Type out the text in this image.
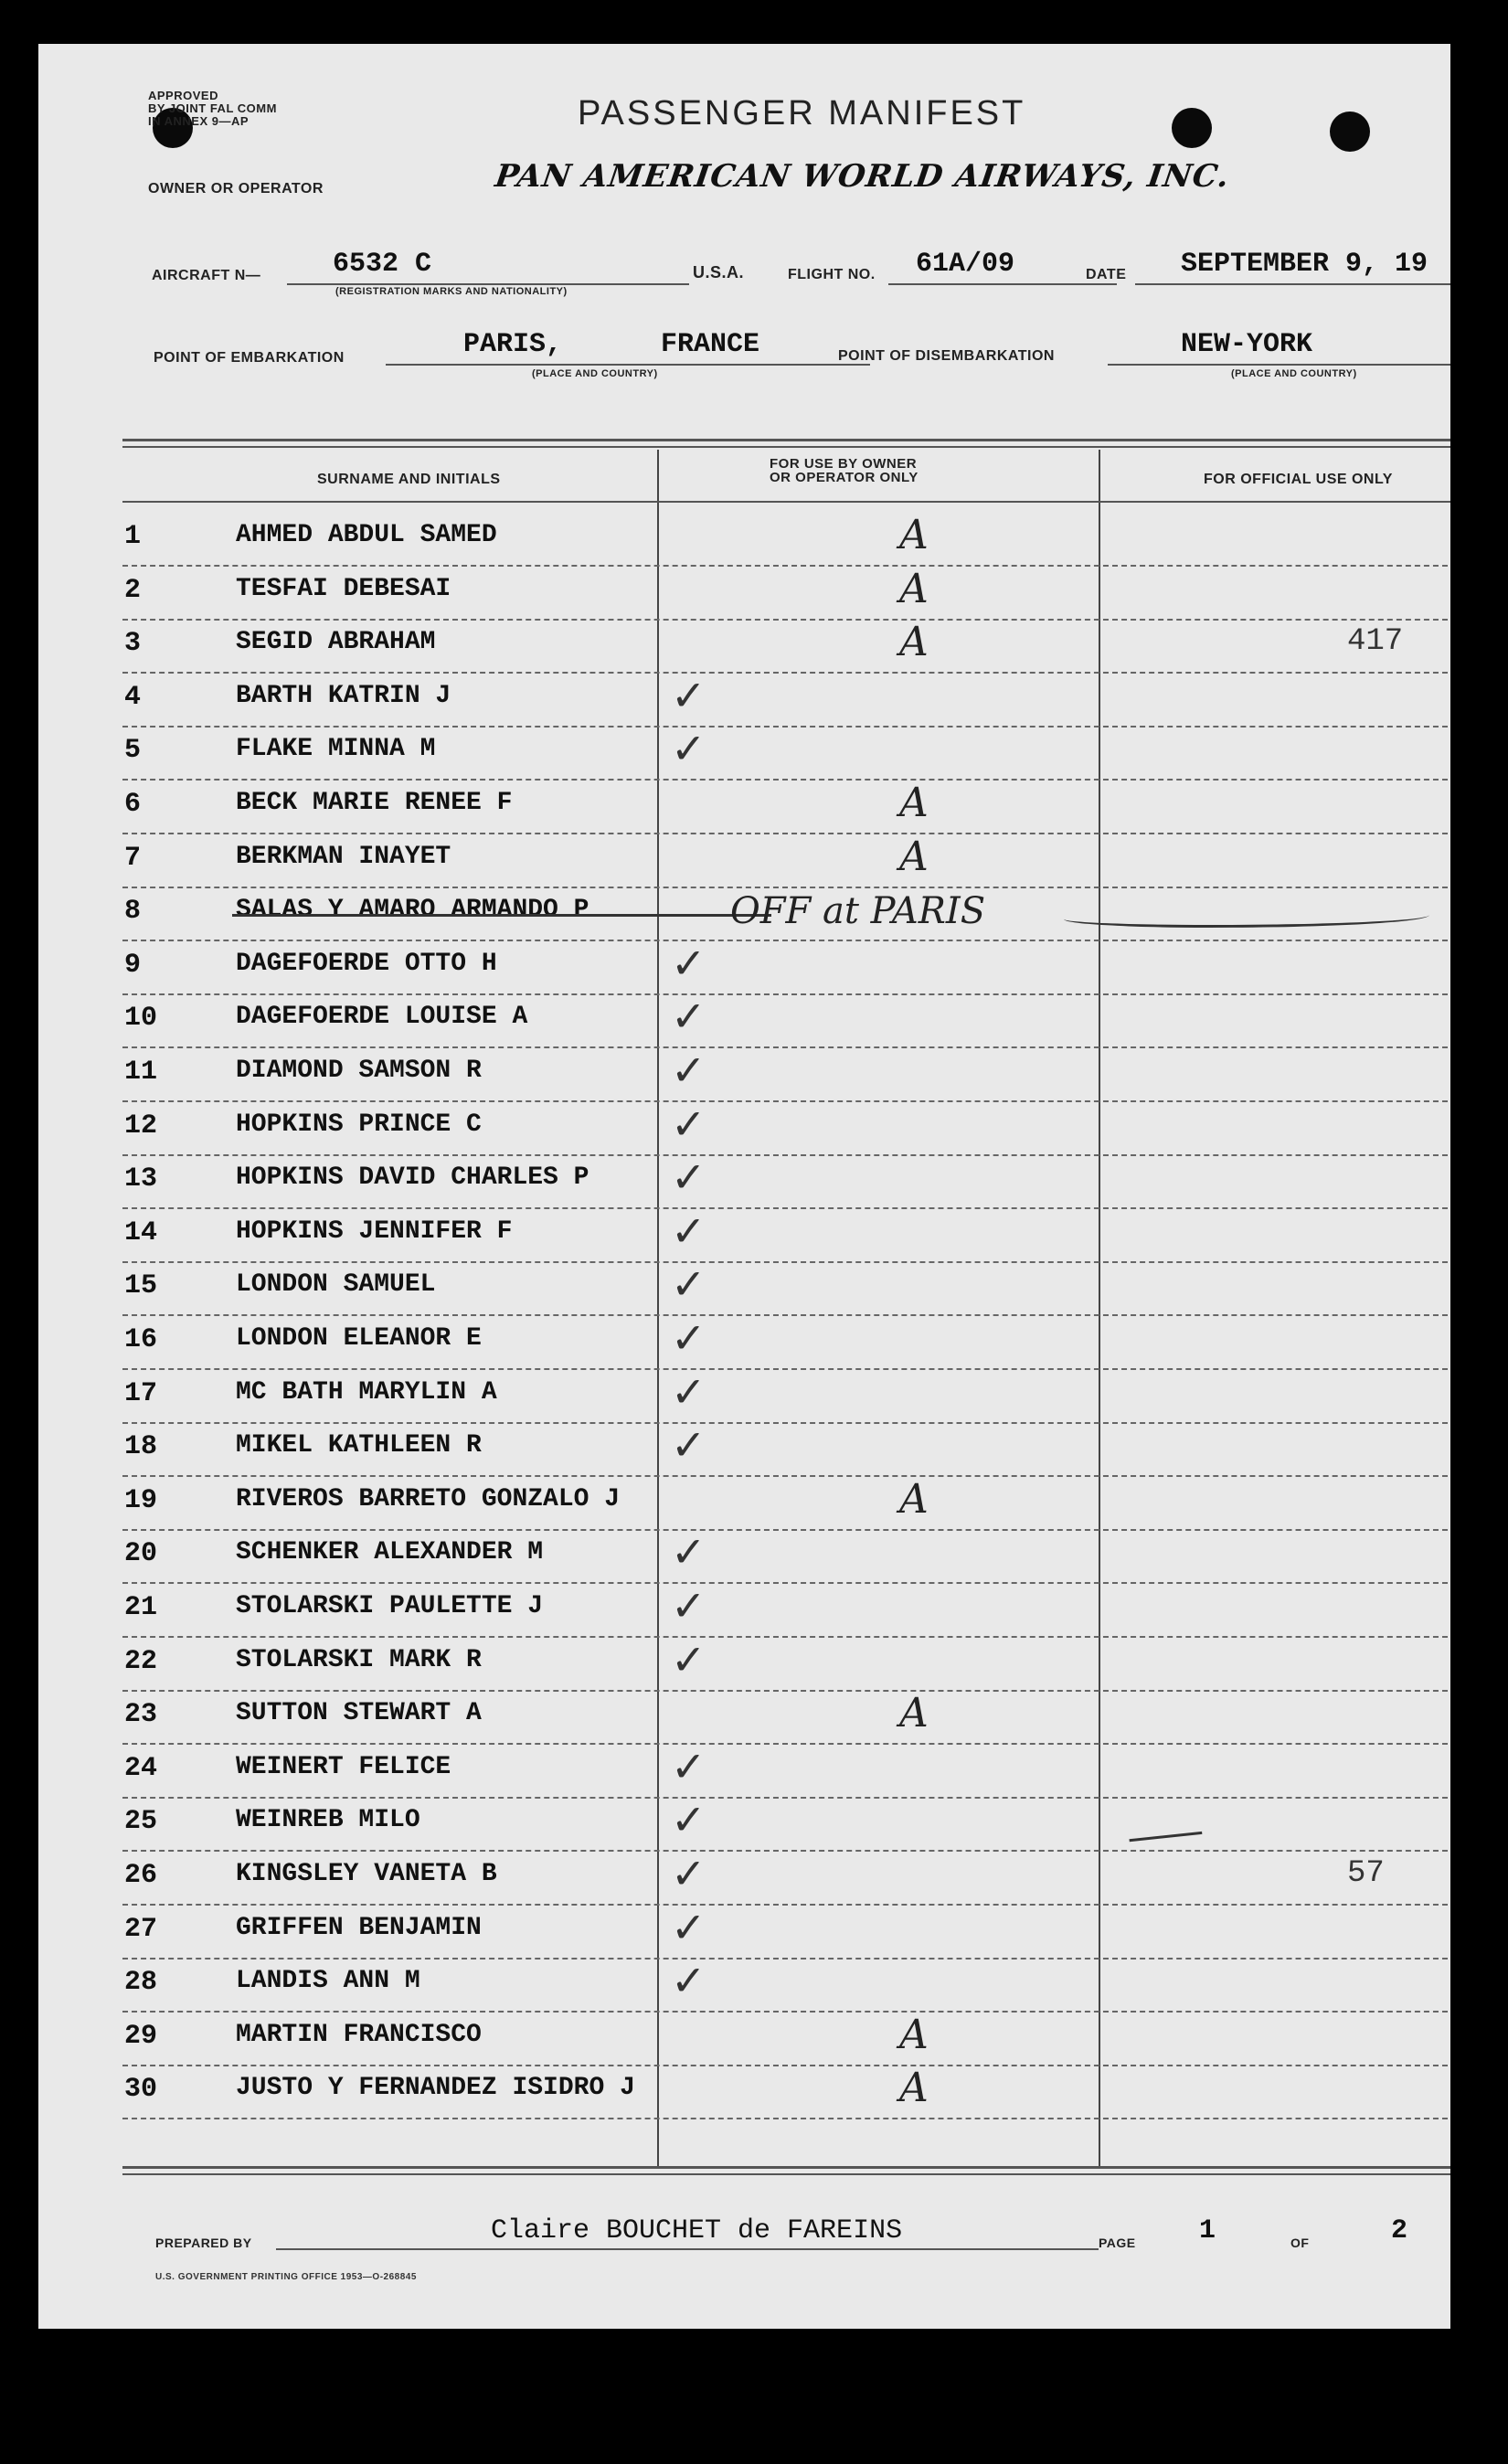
APPROVED
BY JOINT FAL COMM
IN ANNEX 9—AP	PASSENGER MANIFEST
OWNER OR OPERATOR	PAN AMERICAN WORLD AIRWAYS, INC.
AIRCRAFT N—	6532 C
(REGISTRATION MARKS AND NATIONALITY)
U.S.A.	FLIGHT NO. 61A/09	DATE SEPTEMBER 9, 19
POINT OF EMBARKATION	PARIS,      FRANCE
(PLACE AND COUNTRY)
POINT OF DISEMBARKATION	NEW-YORK
(PLACE AND COUNTRY)
SURNAME AND INITIALS
FOR USE BY OWNER
OR OPERATOR ONLY	FOR OFFICIAL USE ONLY
1	AHMED ABDUL SAMED	A
2	TESFAI DEBESAI	A
3	SEGID ABRAHAM	A	417
4	BARTH KATRIN J	✓
5	FLAKE MINNA M	✓
6	BECK MARIE RENEE F	A
7	BERKMAN INAYET	A
8	SALAS Y AMARO ARMANDO P	OFF at PARIS
9	DAGEFOERDE OTTO H	✓
10	DAGEFOERDE LOUISE A	✓
11	DIAMOND SAMSON R	✓
12	HOPKINS PRINCE C	✓
13	HOPKINS DAVID CHARLES P ✓
14	HOPKINS JENNIFER F	✓
15	LONDON SAMUEL	✓
16	LONDON ELEANOR E	✓
17	MC BATH MARYLIN A	✓
18	MIKEL KATHLEEN R	✓
19	RIVEROS BARRETO GONZALO J	A
20	SCHENKER ALEXANDER M	✓
21	STOLARSKI PAULETTE J	✓
22	STOLARSKI MARK R	✓
23	SUTTON STEWART A	A
24	WEINERT FELICE	✓
25	WEINREB MILO	✓
26	KINGSLEY VANETA B	✓	57
27	GRIFFEN BENJAMIN	✓
28	LANDIS ANN M	✓
29	MARTIN FRANCISCO	A
30	JUSTO Y FERNANDEZ ISIDRO J	A
PREPARED BY	Claire BOUCHET de FAREINS	PAGE 1	OF	2
U.S. GOVERNMENT PRINTING OFFICE 1953—O-268845
